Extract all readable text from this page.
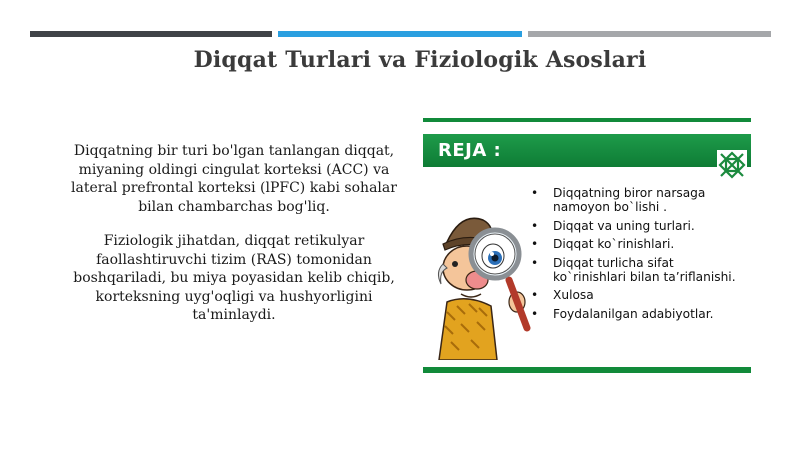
Diqqat Turlari va Fiziologik Asoslari
Diqqatning bir turi bo'lgan tanlangan diqqat, miyaning oldingi cingulat korteksi (ACC) va lateral prefrontal korteksi (lPFC) kabi sohalar bilan chambarchas bog'liq.
Fiziologik jihatdan, diqqat retikulyar faollashtiruvchi tizim (RAS) tomonidan boshqariladi, bu miya poyasidan kelib chiqib, korteksning uyg'oqligi va hushyorligini ta'minlaydi.
REJA :
• Diqqatning biror narsaga namoyon bo`lishi .
• Diqqat va uning turlari.
• Diqqat ko`rinishlari.
• Diqqat turlicha sifat ko`rinishlari bilan ta’riflanishi.
• Xulosa
• Foydalanilgan adabiyotlar.
